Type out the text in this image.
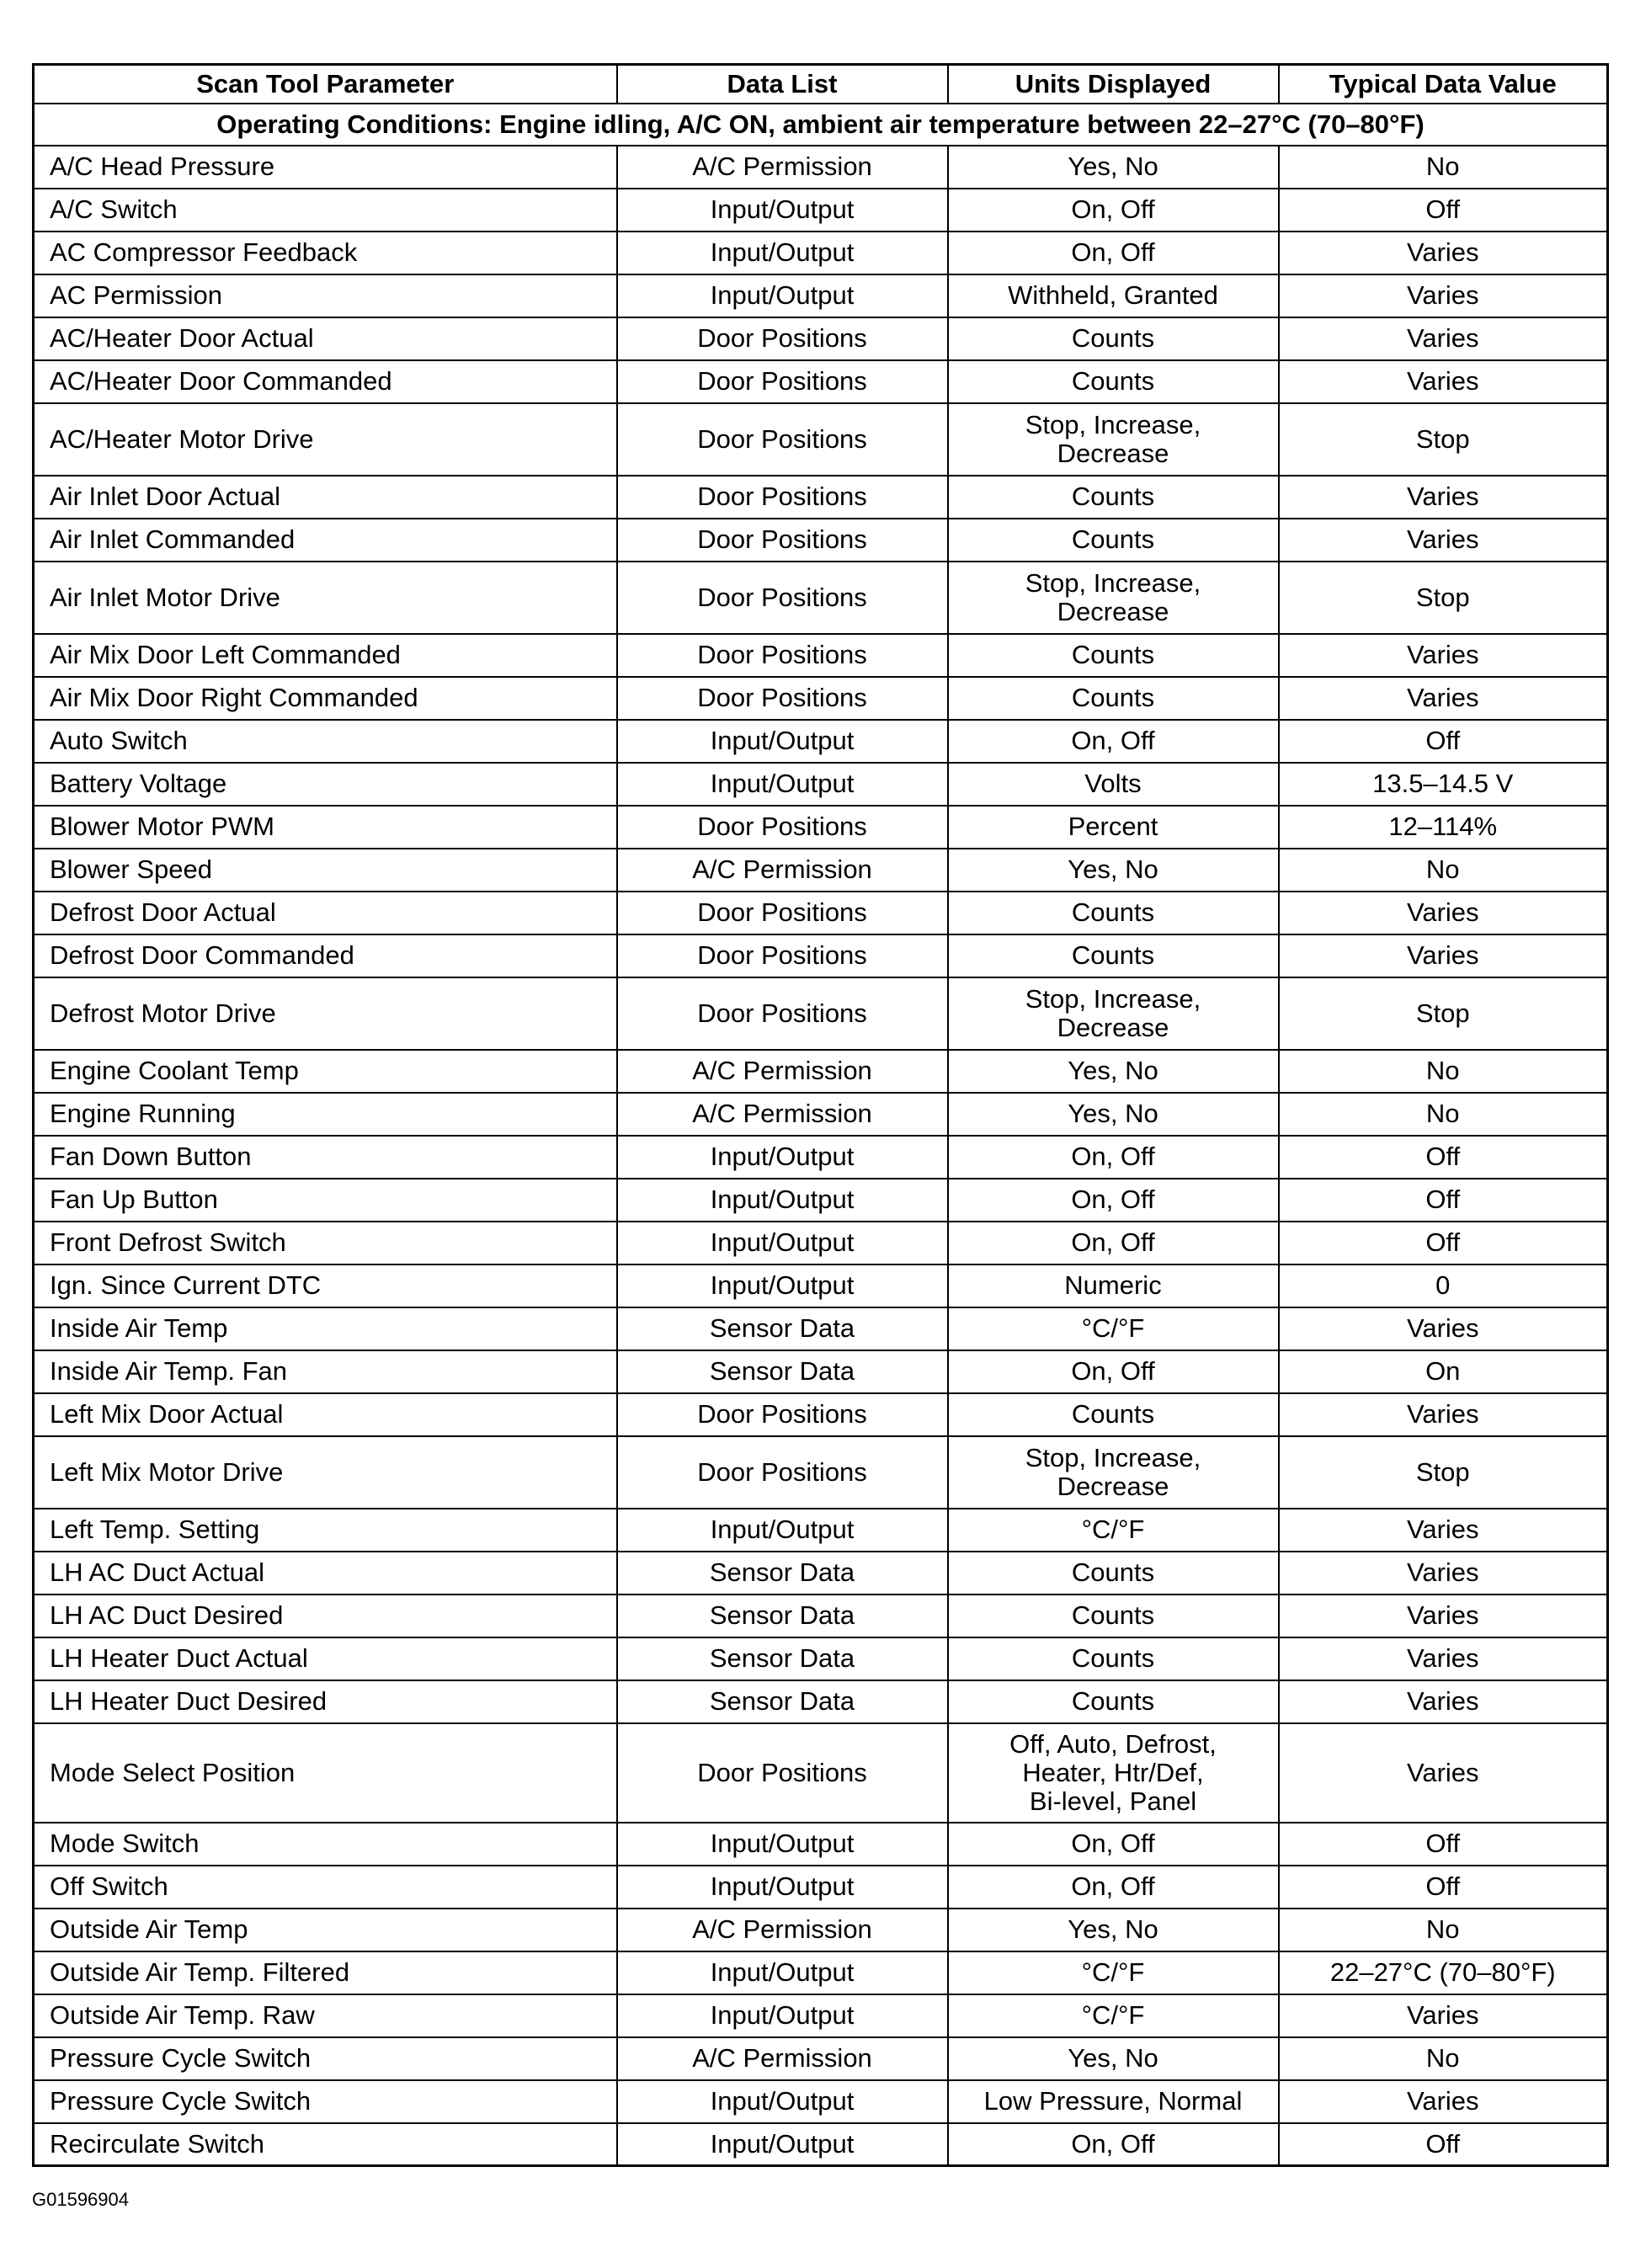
Scan Tool Parameter	Data List	Units Displayed	Typical Data Value
Operating Conditions: Engine idling, A/C ON, ambient air temperature between 22–27°C (70–80°F)			
A/C Head Pressure	A/C Permission	Yes, No	No
A/C Switch	Input/Output	On, Off	Off
AC Compressor Feedback	Input/Output	On, Off	Varies
AC Permission	Input/Output	Withheld, Granted	Varies
AC/Heater Door Actual	Door Positions	Counts	Varies
AC/Heater Door Commanded	Door Positions	Counts	Varies
AC/Heater Motor Drive	Door Positions	Stop, Increase,
Decrease	Stop
Air Inlet Door Actual	Door Positions	Counts	Varies
Air Inlet Commanded	Door Positions	Counts	Varies
Air Inlet Motor Drive	Door Positions	Stop, Increase,
Decrease	Stop
Air Mix Door Left Commanded	Door Positions	Counts	Varies
Air Mix Door Right Commanded	Door Positions	Counts	Varies
Auto Switch	Input/Output	On, Off	Off
Battery Voltage	Input/Output	Volts	13.5–14.5 V
Blower Motor PWM	Door Positions	Percent	12–114%
Blower Speed	A/C Permission	Yes, No	No
Defrost Door Actual	Door Positions	Counts	Varies
Defrost Door Commanded	Door Positions	Counts	Varies
Defrost Motor Drive	Door Positions	Stop, Increase,
Decrease	Stop
Engine Coolant Temp	A/C Permission	Yes, No	No
Engine Running	A/C Permission	Yes, No	No
Fan Down Button	Input/Output	On, Off	Off
Fan Up Button	Input/Output	On, Off	Off
Front Defrost Switch	Input/Output	On, Off	Off
Ign. Since Current DTC	Input/Output	Numeric	0
Inside Air Temp	Sensor Data	°C/°F	Varies
Inside Air Temp. Fan	Sensor Data	On, Off	On
Left Mix Door Actual	Door Positions	Counts	Varies
Left Mix Motor Drive	Door Positions	Stop, Increase,
Decrease	Stop
Left Temp. Setting	Input/Output	°C/°F	Varies
LH AC Duct Actual	Sensor Data	Counts	Varies
LH AC Duct Desired	Sensor Data	Counts	Varies
LH Heater Duct Actual	Sensor Data	Counts	Varies
LH Heater Duct Desired	Sensor Data	Counts	Varies
Mode Select Position	Door Positions	Off, Auto, Defrost,
Heater, Htr/Def,
Bi-level, Panel	Varies
Mode Switch	Input/Output	On, Off	Off
Off Switch	Input/Output	On, Off	Off
Outside Air Temp	A/C Permission	Yes, No	No
Outside Air Temp. Filtered	Input/Output	°C/°F	22–27°C (70–80°F)
Outside Air Temp. Raw	Input/Output	°C/°F	Varies
Pressure Cycle Switch	A/C Permission	Yes, No	No
Pressure Cycle Switch	Input/Output	Low Pressure, Normal	Varies
Recirculate Switch	Input/Output	On, Off	Off
G01596904
